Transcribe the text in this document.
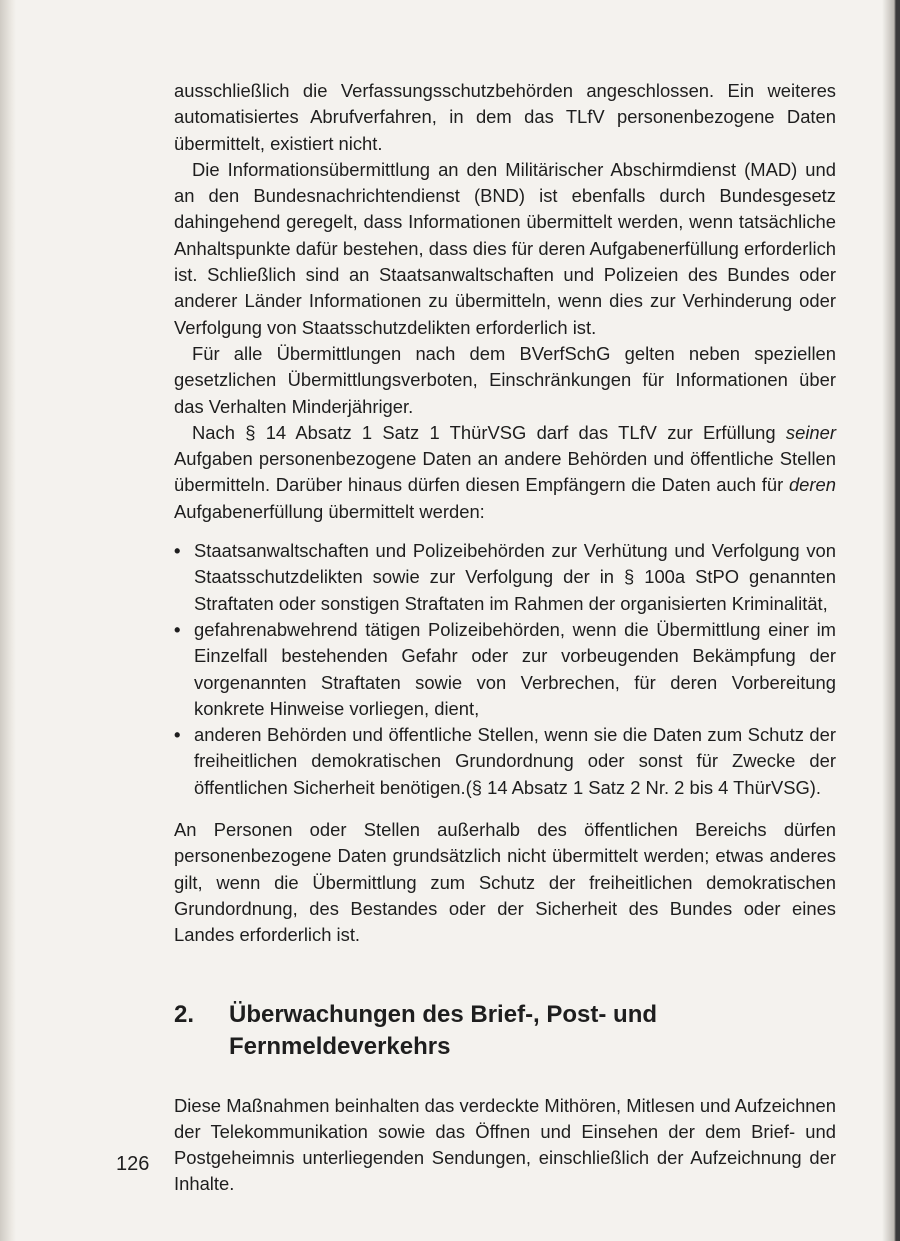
ausschließlich die Verfassungsschutzbehörden angeschlossen. Ein weiteres automatisiertes Abrufverfahren, in dem das TLfV personenbezogene Daten übermittelt, existiert nicht.

Die Informationsübermittlung an den Militärischer Abschirmdienst (MAD) und an den Bundesnachrichtendienst (BND) ist ebenfalls durch Bundesgesetz dahingehend geregelt, dass Informationen übermittelt werden, wenn tatsächliche Anhaltspunkte dafür bestehen, dass dies für deren Aufgabenerfüllung erforderlich ist. Schließlich sind an Staatsanwaltschaften und Polizeien des Bundes oder anderer Länder Informationen zu übermitteln, wenn dies zur Verhinderung oder Verfolgung von Staatsschutzdelikten erforderlich ist.

Für alle Übermittlungen nach dem BVerfSchG gelten neben speziellen gesetzlichen Übermittlungsverboten, Einschränkungen für Informationen über das Verhalten Minderjähriger.

Nach § 14 Absatz 1 Satz 1 ThürVSG darf das TLfV zur Erfüllung seiner Aufgaben personenbezogene Daten an andere Behörden und öffentliche Stellen übermitteln. Darüber hinaus dürfen diesen Empfängern die Daten auch für deren Aufgabenerfüllung übermittelt werden:

• Staatsanwaltschaften und Polizeibehörden zur Verhütung und Verfolgung von Staatsschutzdelikten sowie zur Verfolgung der in § 100a StPO genannten Straftaten oder sonstigen Straftaten im Rahmen der organisierten Kriminalität,
• gefahrenabwehrend tätigen Polizeibehörden, wenn die Übermittlung einer im Einzelfall bestehenden Gefahr oder zur vorbeugenden Bekämpfung der vorgenannten Straftaten sowie von Verbrechen, für deren Vorbereitung konkrete Hinweise vorliegen, dient,
• anderen Behörden und öffentliche Stellen, wenn sie die Daten zum Schutz der freiheitlichen demokratischen Grundordnung oder sonst für Zwecke der öffentlichen Sicherheit benötigen.(§ 14 Absatz 1 Satz 2 Nr. 2 bis 4 ThürVSG).

An Personen oder Stellen außerhalb des öffentlichen Bereichs dürfen personenbezogene Daten grundsätzlich nicht übermittelt werden; etwas anderes gilt, wenn die Übermittlung zum Schutz der freiheitlichen demokratischen Grundordnung, des Bestandes oder der Sicherheit des Bundes oder eines Landes erforderlich ist.

2.	Überwachungen des Brief-, Post- und Fernmeldeverkehrs

Diese Maßnahmen beinhalten das verdeckte Mithören, Mitlesen und Aufzeichnen der Telekommunikation sowie das Öffnen und Einsehen der dem Brief- und Postgeheimnis unterliegenden Sendungen, einschließlich der Aufzeichnung der Inhalte.

126
